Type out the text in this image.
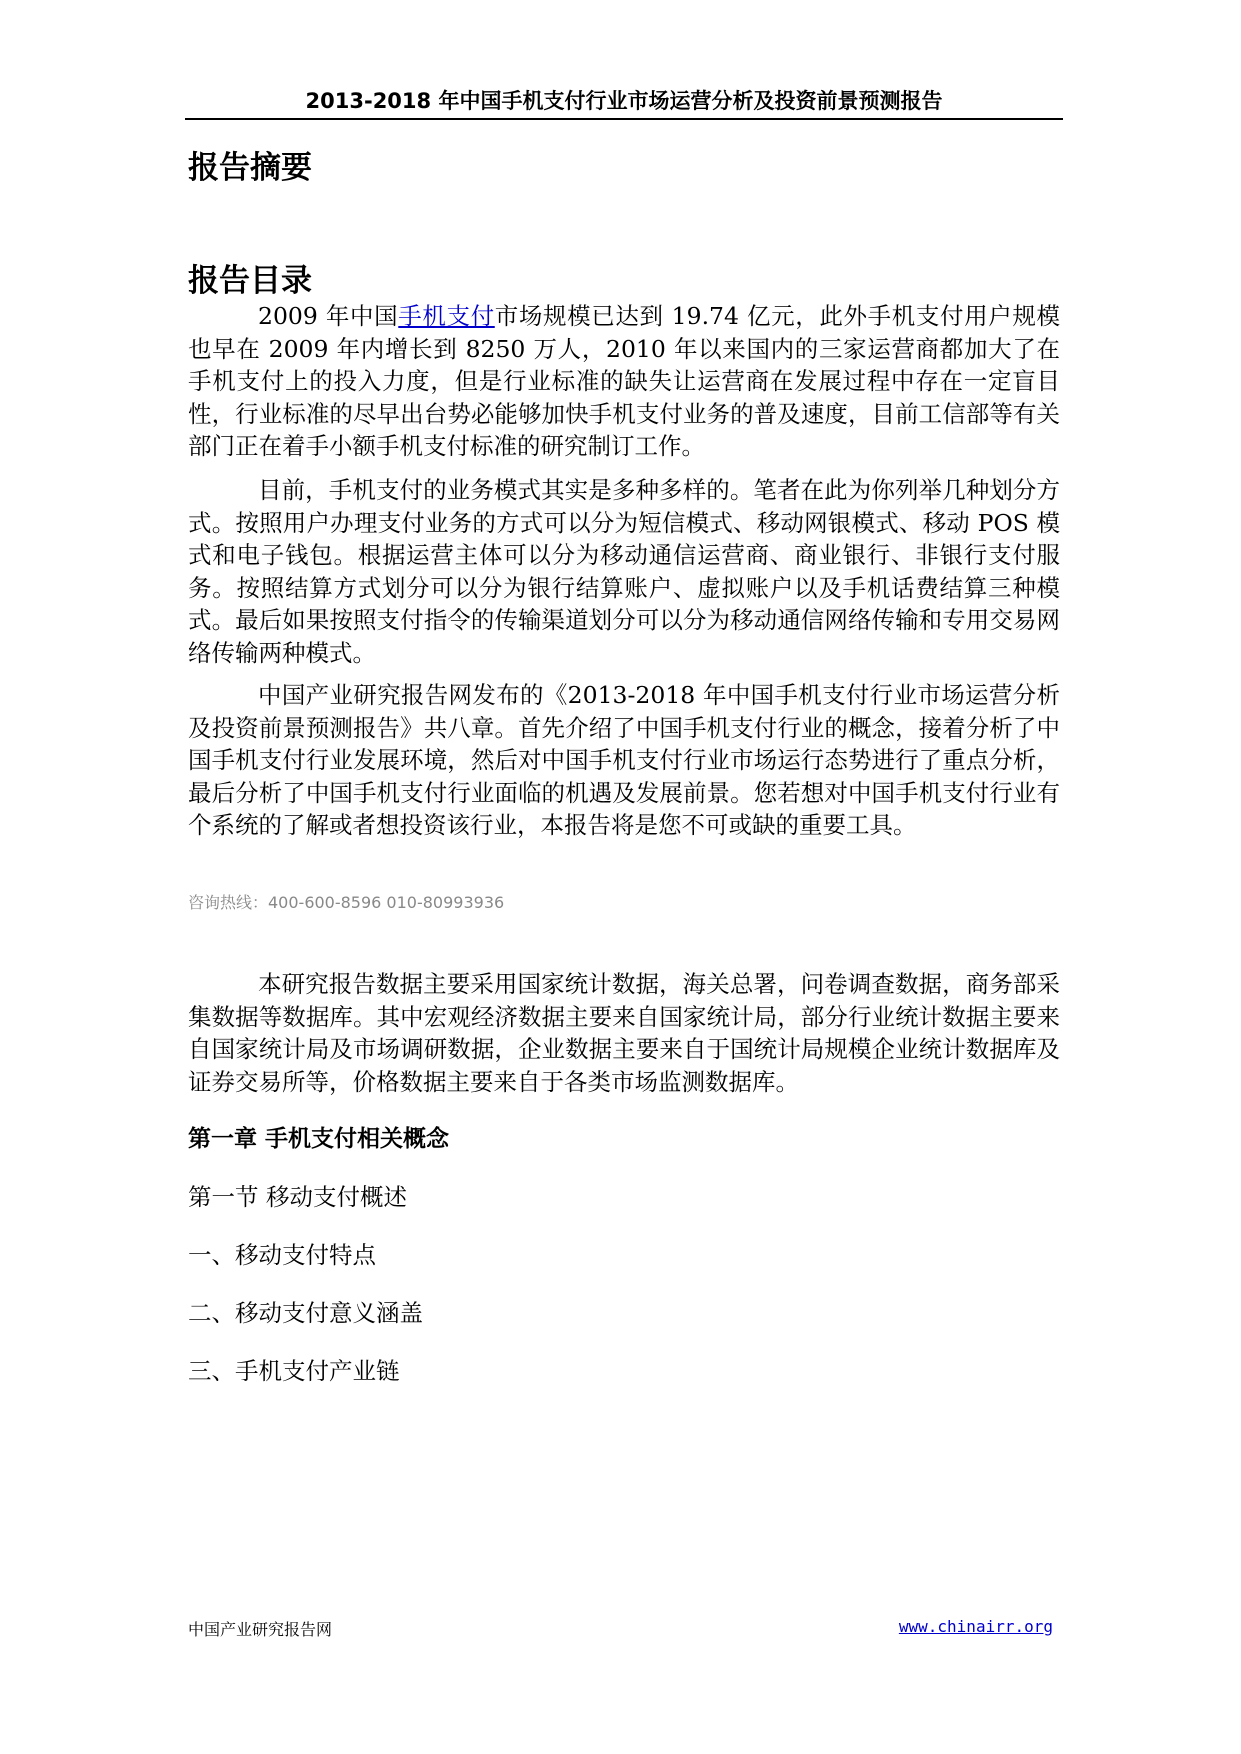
2013-2018 年中国手机支付行业市场运营分析及投资前景预测报告
报告摘要
报告目录

2009 年中国手机支付市场规模已达到 19.74 亿元，此外手机支付用户规模也早在 2009 年内增长到 8250 万人，2010 年以来国内的三家运营商都加大了在手机支付上的投入力度，但是行业标准的缺失让运营商在发展过程中存在一定盲目性，行业标准的尽早出台势必能够加快手机支付业务的普及速度，目前工信部等有关部门正在着手小额手机支付标准的研究制订工作。

目前，手机支付的业务模式其实是多种多样的。笔者在此为你列举几种划分方式。按照用户办理支付业务的方式可以分为短信模式、移动网银模式、移动 POS 模式和电子钱包。根据运营主体可以分为移动通信运营商、商业银行、非银行支付服务。按照结算方式划分可以分为银行结算账户、虚拟账户以及手机话费结算三种模式。最后如果按照支付指令的传输渠道划分可以分为移动通信网络传输和专用交易网络传输两种模式。

中国产业研究报告网发布的《2013-2018 年中国手机支付行业市场运营分析及投资前景预测报告》共八章。首先介绍了中国手机支付行业的概念，接着分析了中国手机支付行业发展环境，然后对中国手机支付行业市场运行态势进行了重点分析，最后分析了中国手机支付行业面临的机遇及发展前景。您若想对中国手机支付行业有个系统的了解或者想投资该行业，本报告将是您不可或缺的重要工具。

咨询热线：400-600-8596 010-80993936

本研究报告数据主要采用国家统计数据，海关总署，问卷调查数据，商务部采集数据等数据库。其中宏观经济数据主要来自国家统计局，部分行业统计数据主要来自国家统计局及市场调研数据，企业数据主要来自于国统计局规模企业统计数据库及证券交易所等，价格数据主要来自于各类市场监测数据库。

第一章 手机支付相关概念
第一节 移动支付概述
一、移动支付特点
二、移动支付意义涵盖
三、手机支付产业链
中国产业研究报告网	www.chinairr.org
